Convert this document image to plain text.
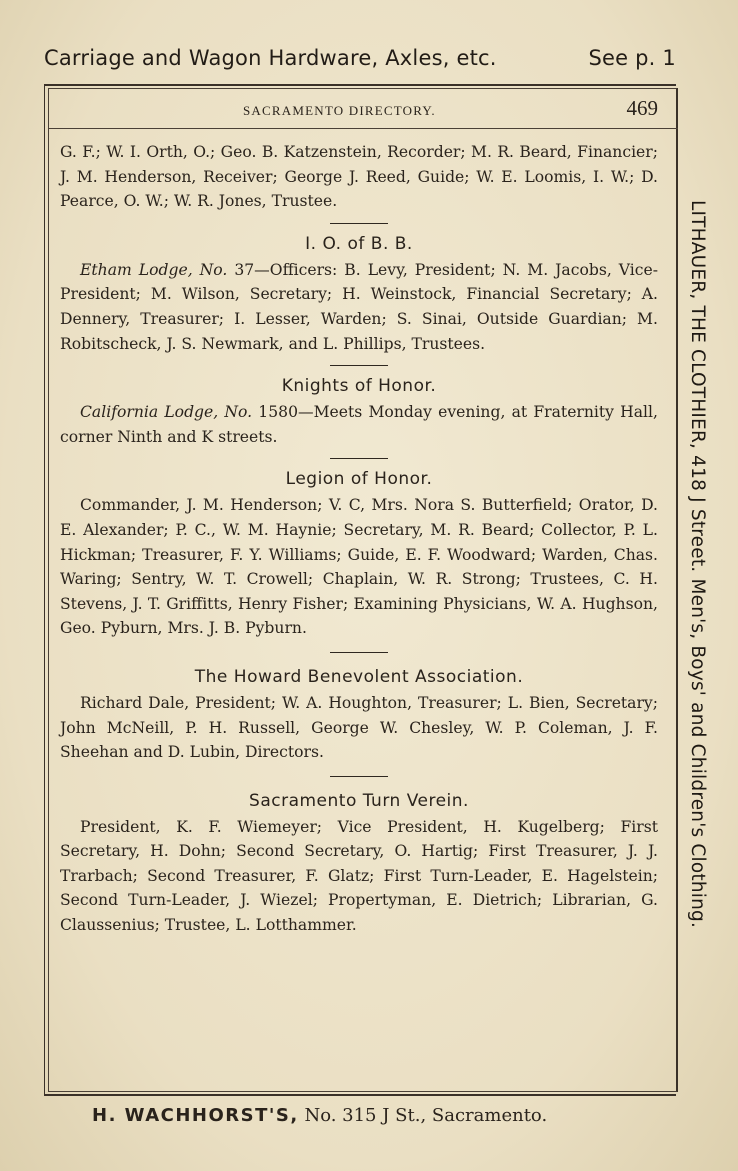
Carriage and Wagon Hardware, Axles, etc.	See p. 1
SACRAMENTO DIRECTORY.	469

G. F.; W. I. Orth, O.; Geo. B. Katzenstein, Recorder; M. R. Beard, Financier; J. M. Henderson, Receiver; George J. Reed, Guide; W. E. Loomis, I. W.; D. Pearce, O. W.; W. R. Jones, Trustee.

I. O. of B. B.

Etham Lodge, No. 37—Officers: B. Levy, President; N. M. Jacobs, Vice-President; M. Wilson, Secretary; H. Weinstock, Financial Secretary; A. Dennery, Treasurer; I. Lesser, Warden; S. Sinai, Outside Guardian; M. Robitscheck, J. S. Newmark, and L. Phillips, Trustees.

Knights of Honor.

California Lodge, No. 1580—Meets Monday evening, at Fraternity Hall, corner Ninth and K streets.

Legion of Honor.

Commander, J. M. Henderson; V. C, Mrs. Nora S. Butterfield; Orator, D. E. Alexander; P. C., W. M. Haynie; Secretary, M. R. Beard; Collector, P. L. Hickman; Treasurer, F. Y. Williams; Guide, E. F. Woodward; Warden, Chas. Waring; Sentry, W. T. Crowell; Chaplain, W. R. Strong; Trustees, C. H. Stevens, J. T. Griffitts, Henry Fisher; Examining Physicians, W. A. Hughson, Geo. Pyburn, Mrs. J. B. Pyburn.

The Howard Benevolent Association.

Richard Dale, President; W. A. Houghton, Treasurer; L. Bien, Secretary; John McNeill, P. H. Russell, George W. Chesley, W. P. Coleman, J. F. Sheehan and D. Lubin, Directors.

Sacramento Turn Verein.

President, K. F. Wiemeyer; Vice President, H. Kugelberg; First Secretary, H. Dohn; Second Secretary, O. Hartig; First Treasurer, J. J. Trarbach; Second Treasurer, F. Glatz; First Turn-Leader, E. Hagelstein; Second Turn-Leader, J. Wiezel; Propertyman, E. Dietrich; Librarian, G. Claussenius; Trustee, L. Lotthammer.	LITHAUER, THE CLOTHIER, 418 J Street. Men's, Boys' and Children's Clothing.
H. WACHHORST'S, No. 315 J St., Sacramento.
